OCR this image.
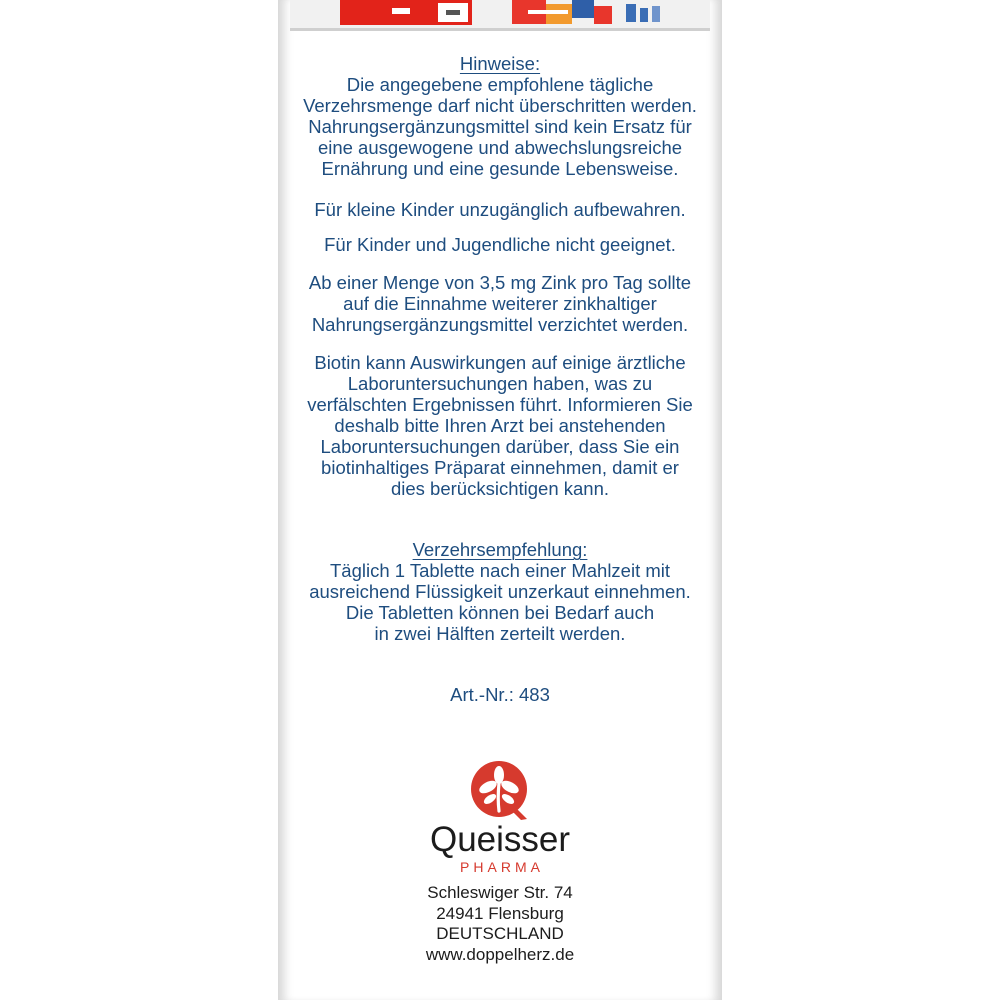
Hinweise:
Die angegebene empfohlene tägliche
Verzehrsmenge darf nicht überschritten werden.
Nahrungsergänzungsmittel sind kein Ersatz für
eine ausgewogene und abwechslungsreiche
Ernährung und eine gesunde Lebensweise.
Für kleine Kinder unzugänglich aufbewahren.
Für Kinder und Jugendliche nicht geeignet.
Ab einer Menge von 3,5 mg Zink pro Tag sollte
auf die Einnahme weiterer zinkhaltiger
Nahrungsergänzungsmittel verzichtet werden.
Biotin kann Auswirkungen auf einige ärztliche
Laboruntersuchungen haben, was zu
verfälschten Ergebnissen führt. Informieren Sie
deshalb bitte Ihren Arzt bei anstehenden
Laboruntersuchungen darüber, dass Sie ein
biotinhaltiges Präparat einnehmen, damit er
dies berücksichtigen kann.
Verzehrsempfehlung:
Täglich 1 Tablette nach einer Mahlzeit mit
ausreichend Flüssigkeit unzerkaut einnehmen.
Die Tabletten können bei Bedarf auch
in zwei Hälften zerteilt werden.
Art.-Nr.: 483
Queisser
PHARMA
Schleswiger Str. 74
24941 Flensburg
DEUTSCHLAND
www.doppelherz.de
